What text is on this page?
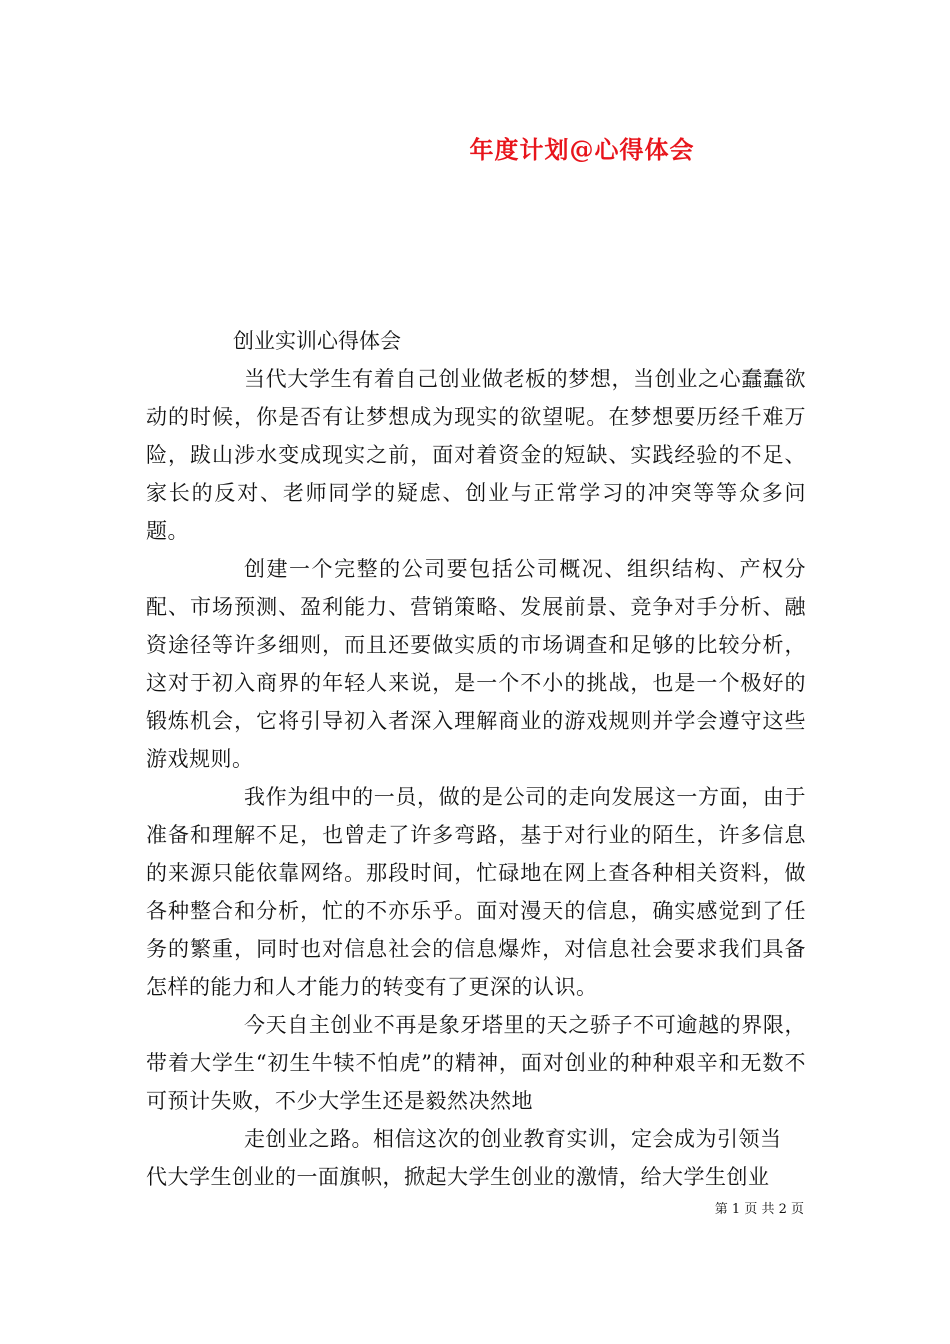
年度计划@心得体会

创业实训心得体会

当代大学生有着自己创业做老板的梦想，当创业之心蠢蠢欲动的时候，你是否有让梦想成为现实的欲望呢。在梦想要历经千难万险，跋山涉水变成现实之前，面对着资金的短缺、实践经验的不足、家长的反对、老师同学的疑虑、创业与正常学习的冲突等等众多问题。

创建一个完整的公司要包括公司概况、组织结构、产权分配、市场预测、盈利能力、营销策略、发展前景、竞争对手分析、融资途径等许多细则，而且还要做实质的市场调查和足够的比较分析，这对于初入商界的年轻人来说，是一个不小的挑战，也是一个极好的锻炼机会，它将引导初入者深入理解商业的游戏规则并学会遵守这些游戏规则。

我作为组中的一员，做的是公司的走向发展这一方面，由于准备和理解不足，也曾走了许多弯路，基于对行业的陌生，许多信息的来源只能依靠网络。那段时间，忙碌地在网上查各种相关资料，做各种整合和分析，忙的不亦乐乎。面对漫天的信息，确实感觉到了任务的繁重，同时也对信息社会的信息爆炸，对信息社会要求我们具备怎样的能力和人才能力的转变有了更深的认识。

今天自主创业不再是象牙塔里的天之骄子不可逾越的界限，带着大学生“初生牛犊不怕虎”的精神，面对创业的种种艰辛和无数不可预计失败，不少大学生还是毅然决然地

走创业之路。相信这次的创业教育实训，定会成为引领当
代大学生创业的一面旗帜，掀起大学生创业的激情，给大学生创业

第 1 页 共 2 页
